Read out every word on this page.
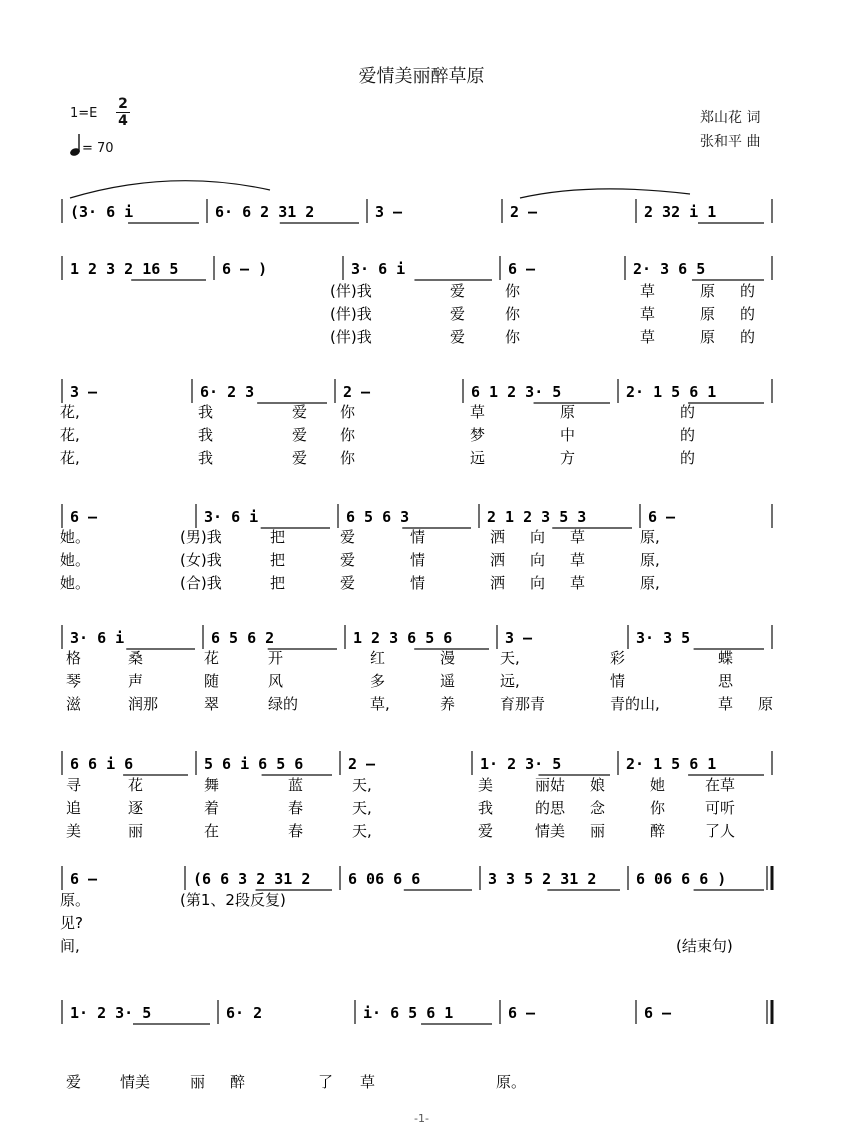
爱情美丽醉草原
郑山花 词
张和平 曲
1=E
2
4
= 70
(3· 6 i	6· 6 2 31 2	3 –	2 –	2 32 i 1
1 2 3 2 16 5	6 – )	3· 6 i	6 –	2· 3 6 5
(伴)我	爱	你	草	原 的
(伴)我	爱	你	草	原 的
(伴)我	爱	你	草	原 的
3 –	6· 2 3	2 –	6 1 2 3· 5	2· 1 5 6 1
花,	我	爱 你	草	原	的
花,	我	爱 你	梦	中	的
花,	我	爱 你	远	方	的
6 –	3· 6 i	6 5 6 3	2 1 2 3 5 3	6 –
她。	(男)我	把	爱	情	洒 向 草	原,
她。	(女)我	把	爱	情	洒 向 草	原,
她。	(合)我	把	爱	情	洒 向 草	原,
3· 6 i	6 5 6 2	1 2 3 6 5 6	3 –	3· 3 5
格	桑	花	开	红	漫	天,	彩	蝶
琴	声	随	风	多	遥	远,	情	思
滋	润那	翠	绿的	草,	养	育那青	青的山,	草 原
6 6 i 6	5 6 i 6 5 6	2 –	1· 2 3· 5	2· 1 5 6 1
寻	花	舞	蓝	天,	美	丽姑 娘	她	在草
追	逐	着	春	天,	我	的思 念	你	可听
美	丽	在	春	天,	爱	情美 丽	醉	了人
6 –	(6 6 3 2 31 2	6 06 6 6	3 3 5 2 31 2	6 06 6 6 )
原。	(第1、2段反复)
见?
间,	(结束句)
1· 2 3· 5	6· 2	i· 6 5 6 1	6 –	6 –
爱	情美	丽 醉	了 草	原。
-1-
